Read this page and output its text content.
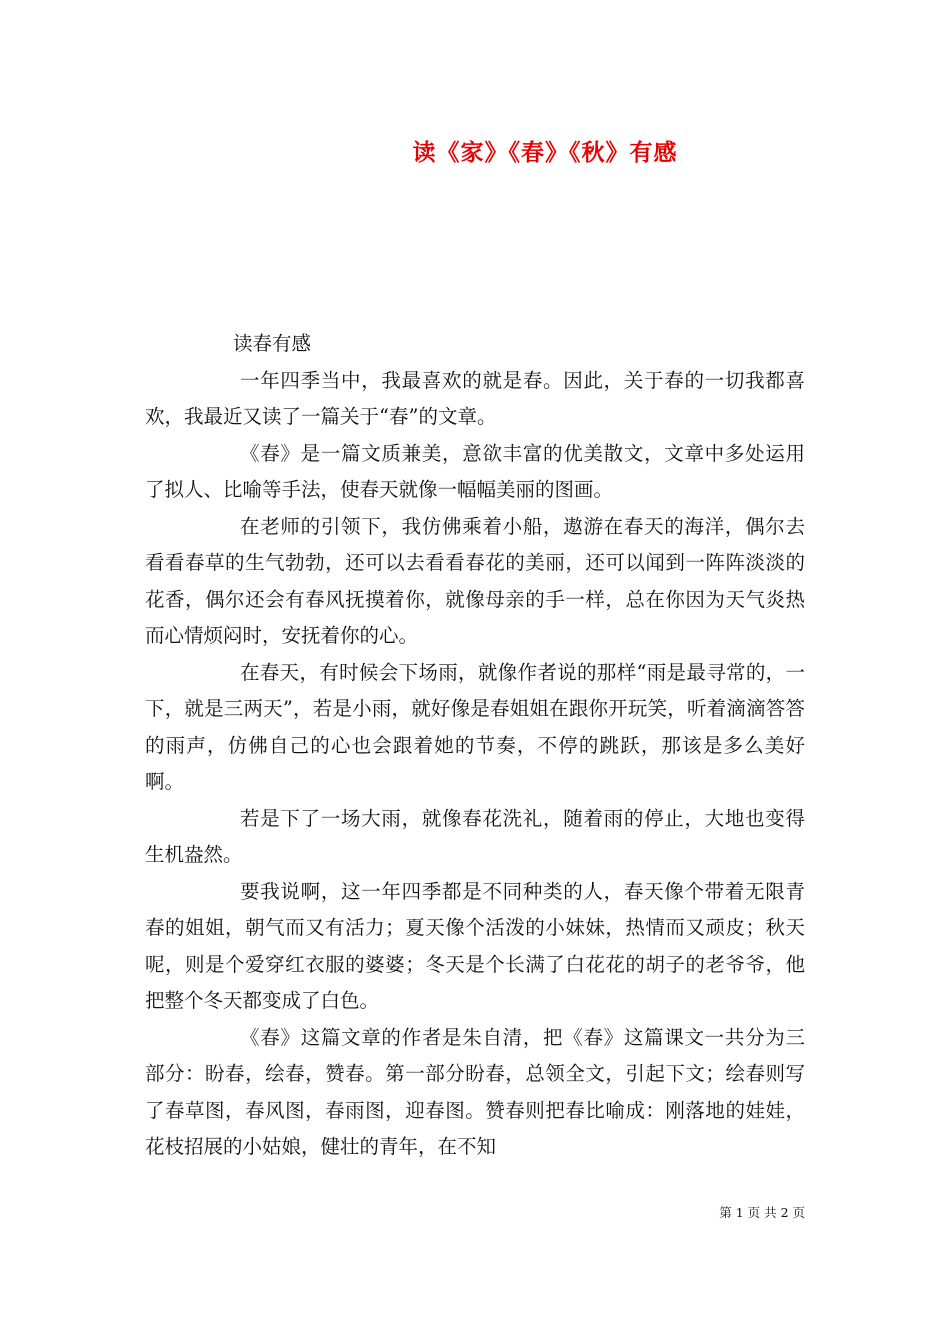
读《家》《春》《秋》有感

读春有感

一年四季当中，我最喜欢的就是春。因此，关于春的一切我都喜欢，我最近又读了一篇关于“春”的文章。

《春》是一篇文质兼美，意欲丰富的优美散文，文章中多处运用了拟人、比喻等手法，使春天就像一幅幅美丽的图画。

在老师的引领下，我仿佛乘着小船，遨游在春天的海洋，偶尔去看看春草的生气勃勃，还可以去看看春花的美丽，还可以闻到一阵阵淡淡的花香，偶尔还会有春风抚摸着你，就像母亲的手一样，总在你因为天气炎热而心情烦闷时，安抚着你的心。

在春天，有时候会下场雨，就像作者说的那样“雨是最寻常的，一下，就是三两天”，若是小雨，就好像是春姐姐在跟你开玩笑，听着滴滴答答的雨声，仿佛自己的心也会跟着她的节奏，不停的跳跃，那该是多么美好啊。

若是下了一场大雨，就像春花洗礼，随着雨的停止，大地也变得生机盎然。

要我说啊，这一年四季都是不同种类的人，春天像个带着无限青春的姐姐，朝气而又有活力；夏天像个活泼的小妹妹，热情而又顽皮；秋天呢，则是个爱穿红衣服的婆婆；冬天是个长满了白花花的胡子的老爷爷，他把整个冬天都变成了白色。

《春》这篇文章的作者是朱自清，把《春》这篇课文一共分为三部分：盼春，绘春，赞春。第一部分盼春，总领全文，引起下文；绘春则写了春草图，春风图，春雨图，迎春图。赞春则把春比喻成：刚落地的娃娃，花枝招展的小姑娘，健壮的青年，在不知

第 1 页 共 2 页
